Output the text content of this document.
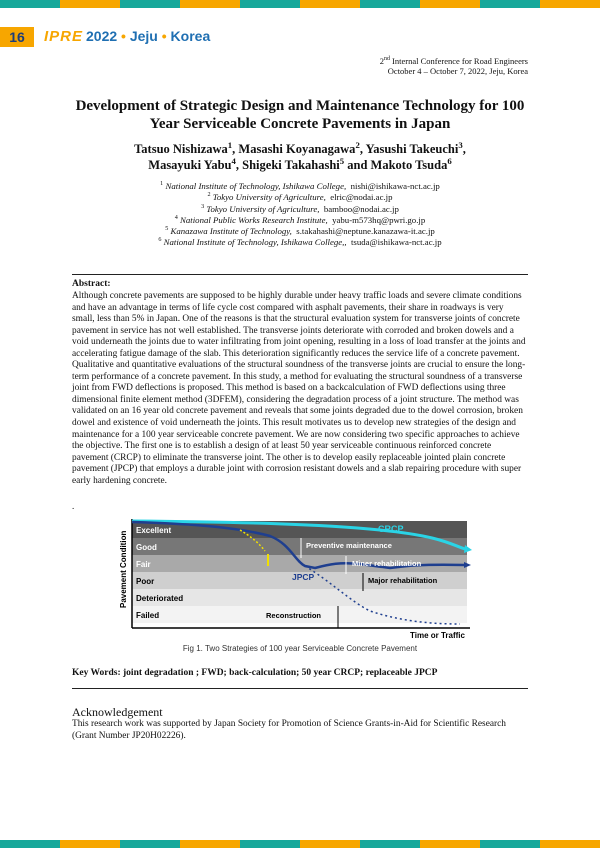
16	IPRE 2022 • Jeju • Korea
2nd Internal Conference for Road Engineers
October 4 – October 7, 2022, Jeju, Korea
Development of Strategic Design and Maintenance Technology for 100 Year Serviceable Concrete Pavements in Japan
Tatsuo Nishizawa$^1$, Masashi Koyanagawa$^2$, Yasushi Takeuchi$^3$,
Masayuki Yabu$^4$, Shigeki Takahashi$^5$ and Makoto Tsuda$^6$
$^1$ National Institute of Technology, Ishikawa College, nishi@ishikawa-nct.ac.jp
$^2$ Tokyo University of Agriculture, elric@nodai.ac.jp
$^3$ Tokyo University of Agriculture, bamboo@nodai.ac.jp
$^4$ National Public Works Research Institute, yabu-m573hq@pwri.go.jp
$^5$ Kanazawa Institute of Technology, s.takahashi@neptune.kanazawa-it.ac.jp
$^6$ National Institute of Technology, Ishikawa College,, tsuda@ishikawa-nct.ac.jp
Abstract:
Although concrete pavements are supposed to be highly durable under heavy traffic loads and severe climate conditions and have an advantage in terms of life cycle cost compared with asphalt pavements, their share in roadways is very small, less than 5% in Japan. One of the reasons is that the structural evaluation system for transverse joints of concrete pavement in service has not well established. The transverse joints deteriorate with corroded and broken dowels and a void underneath the joints due to water infiltrating from joint opening, resulting in a loss of load transfer at the joints and accelerating fatigue damage of the slab. This deterioration significantly reduces the service life of a concrete pavement. Qualitative and quantitative evaluations of the structural soundness of the transverse joints are crucial to ensure the long-term performance of a concrete pavement. In this study, a method for evaluating the structural soundness of a transverse joint from FWD deflections is proposed. This method is based on a backcalculation of FWD deflections using three dimensional finite element method (3DFEM), considering the degradation process of a joint structure. The method was validated on an 16 year old concrete pavement and reveals that some joints degraded due to the dowel corrosion, broken dowel and existence of void underneath the joints. This result motivates us to develop new strategies of the design and maintenance for a 100 year serviceable concrete pavement. We are now considering two specific approaches to achieve the objective. The first one is to establish a design of at least 50 year serviceable continuous reinforced concrete pavement (CRCP) to eliminate the transverse joint. The other is to develop easily replaceable jointed plain concrete pavement (JPCP) that employs a durable joint with corrosion resistant dowels and a slab repairing procedure with super early hardening concrete.
.
Excellent
Good
Fair
Poor
Deteriorated
Failed
Pavement Condition
Time or Traffic
CRCP
JPCP
Preventive maintenance
Miner rehabilitation
Major rehabilitation
Reconstruction
Fig 1. Two Strategies of 100 year Serviceable Concrete Pavement
Key Words: joint degradation ; FWD; back-calculation; 50 year CRCP; replaceable JPCP
Acknowledgement
This research work was supported by Japan Society for Promotion of Science Grants-in-Aid for Scientific Research (Grant Number JP20H02226).
